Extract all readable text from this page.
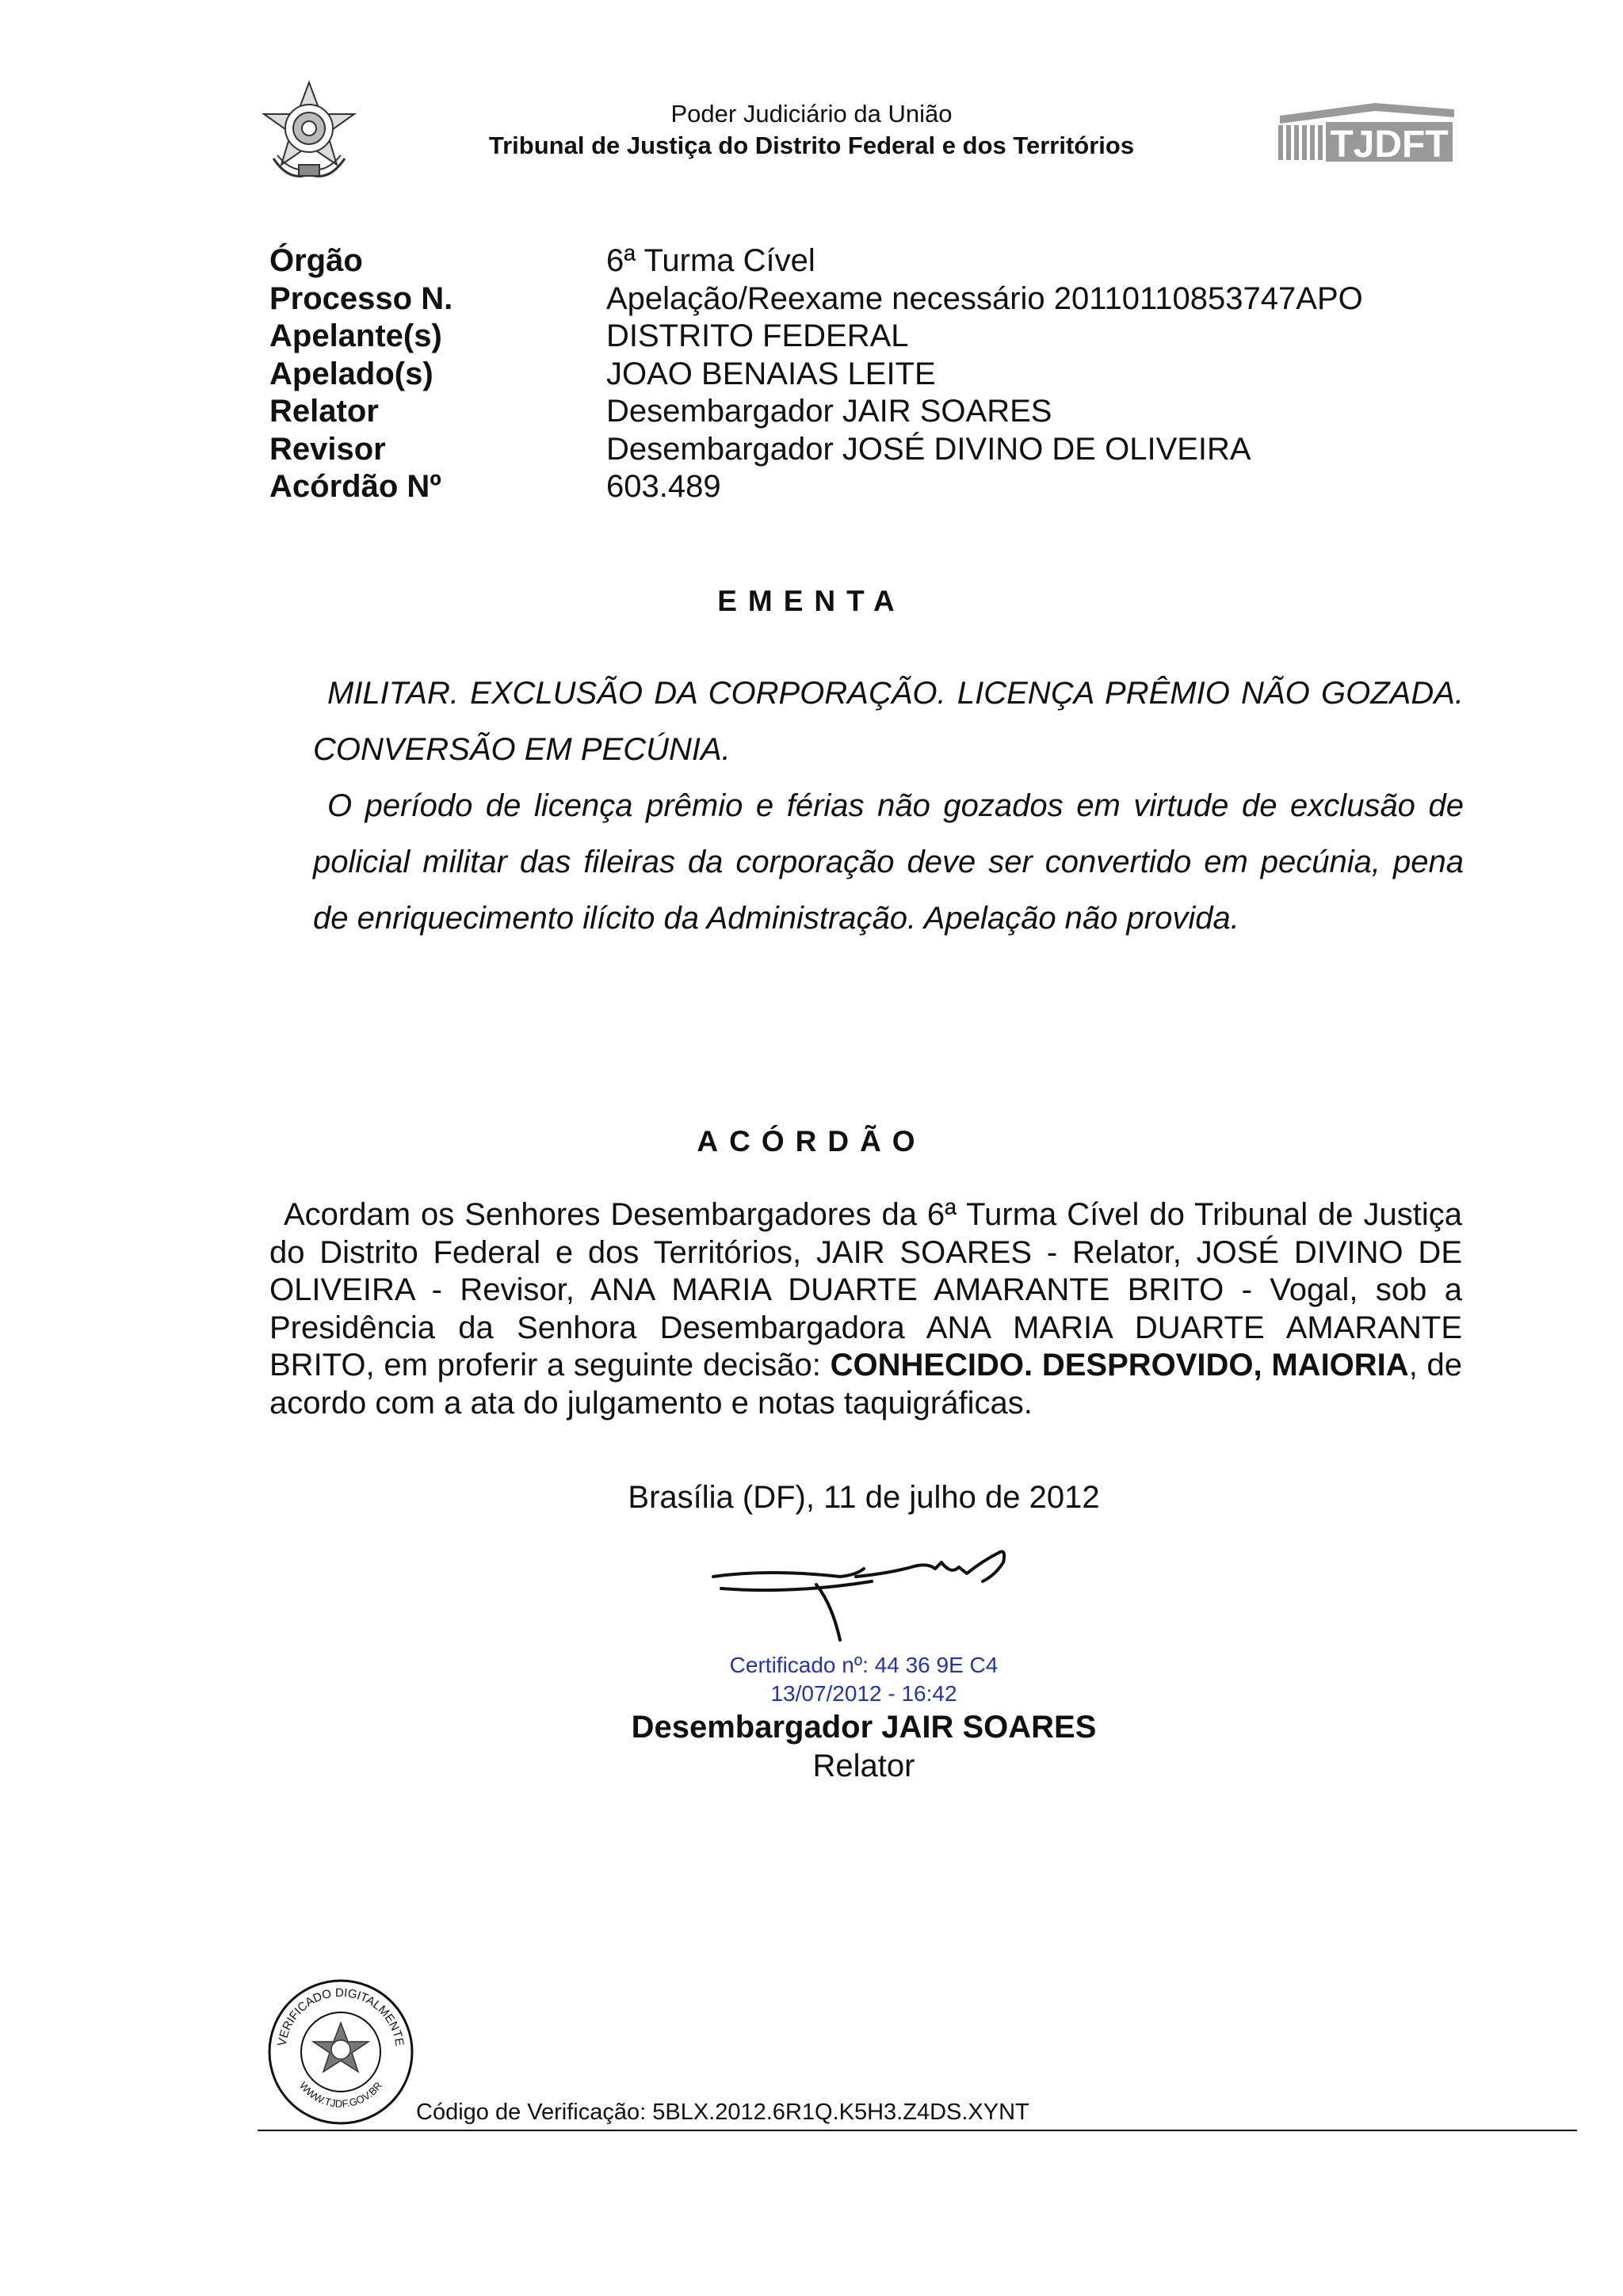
Poder Judiciário da União
Tribunal de Justiça do Distrito Federal e dos Territórios	TJDFT
Órgão	6ª Turma Cível
Processo N.	Apelação/Reexame necessário 20110110853747APO
Apelante(s)	DISTRITO FEDERAL
Apelado(s)	JOAO BENAIAS LEITE
Relator	Desembargador JAIR SOARES
Revisor	Desembargador JOSÉ DIVINO DE OLIVEIRA
Acórdão Nº	603.489
EMENTA

MILITAR. EXCLUSÃO DA CORPORAÇÃO. LICENÇA PRÊMIO NÃO GOZADA. CONVERSÃO EM PECÚNIA.

O período de licença prêmio e férias não gozados em virtude de exclusão de policial militar das fileiras da corporação deve ser convertido em pecúnia, pena de enriquecimento ilícito da Administração. Apelação não provida.

ACÓRDÃO
Acordam os Senhores Desembargadores da 6ª Turma Cível do Tribunal de Justiça do Distrito Federal e dos Territórios, JAIR SOARES - Relator, JOSÉ DIVINO DE OLIVEIRA - Revisor, ANA MARIA DUARTE AMARANTE BRITO - Vogal, sob a Presidência da Senhora Desembargadora ANA MARIA DUARTE AMARANTE BRITO, em proferir a seguinte decisão: CONHECIDO. DESPROVIDO, MAIORIA, de acordo com a ata do julgamento e notas taquigráficas.
Brasília (DF), 11 de julho de 2012
Certificado nº: 44 36 9E C4
13/07/2012 - 16:42
Desembargador JAIR SOARES
Relator
VERIFICADO DIGITALMENTE
WWW.TJDF.GOV.BR
Código de Verificação: 5BLX.2012.6R1Q.K5H3.Z4DS.XYNT
